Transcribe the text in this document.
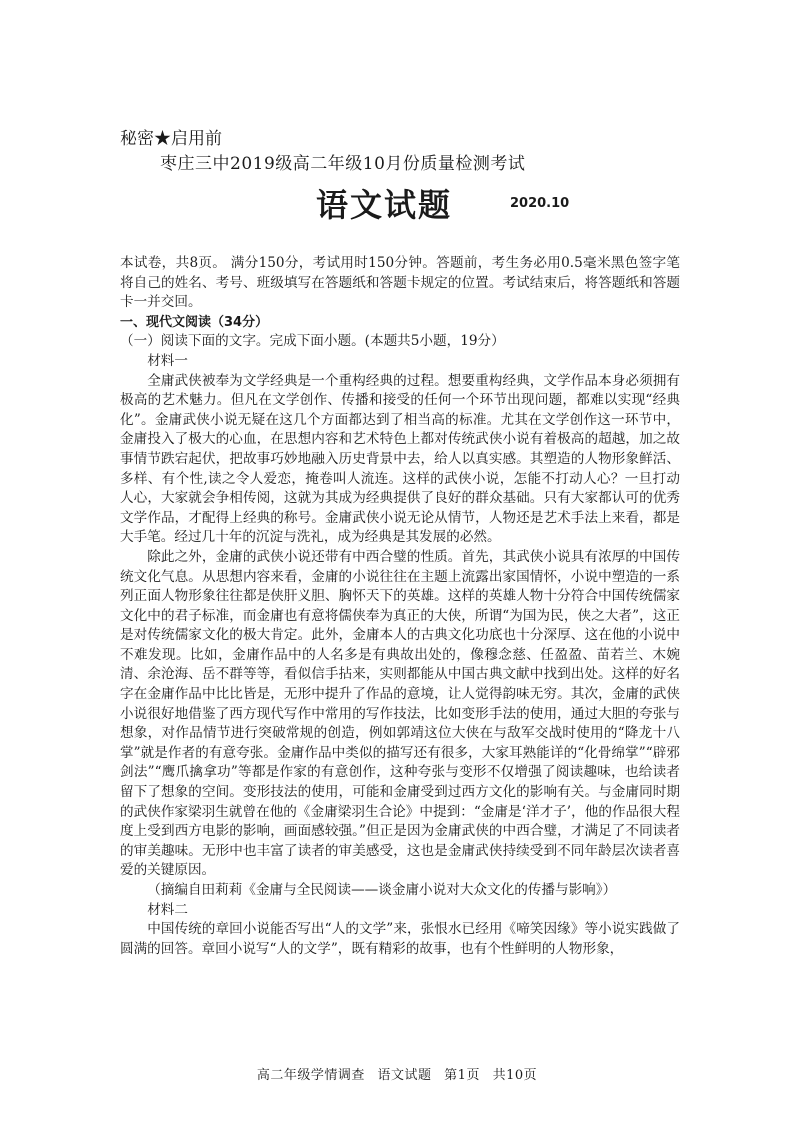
秘密★启用前
枣庄三中2019级高二年级10月份质量检测考试
语文试题	2020.10

本试卷，共8页。 满分150分，考试用时150分钟。答题前，考生务必用0.5毫米黑色签字笔将自己的姓名、考号、班级填写在答题纸和答题卡规定的位置。考试结束后，将答题纸和答题卡一并交回。

一、现代文阅读（34分）

（一）阅读下面的文字。完成下面小题。(本题共5小题，19分）

材料一

全庸武侠被奉为文学经典是一个重构经典的过程。想要重构经典，文学作品本身必须拥有极高的艺术魅力。但凡在文学创作、传播和接受的任何一个环节出现问题，都难以实现“经典化”。金庸武侠小说无疑在这几个方面都达到了相当高的标准。尤其在文学创作这一环节中，金庸投入了极大的心血，在思想内容和艺术特色上都对传统武侠小说有着极高的超越，加之故事情节跌宕起伏，把故事巧妙地融入历史背景中去，给人以真实感。其塑造的人物形象鲜活、多样、有个性,读之令人爱恋，掩卷叫人流连。这样的武侠小说，怎能不打动人心？一旦打动人心，大家就会争相传阅，这就为其成为经典提供了良好的群众基础。只有大家都认可的优秀文学作品，才配得上经典的称号。金庸武侠小说无论从情节，人物还是艺术手法上来看，都是大手笔。经过几十年的沉淀与洗礼，成为经典是其发展的必然。

除此之外，金庸的武侠小说还带有中西合璧的性质。首先，其武侠小说具有浓厚的中国传统文化气息。从思想内容来看，金庸的小说往往在主题上流露出家国情怀，小说中塑造的一系列正面人物形象往往都是侠肝义胆、胸怀天下的英雄。这样的英雄人物十分符合中国传统儒家文化中的君子标准，而金庸也有意将儒侠奉为真正的大侠，所谓“为国为民，侠之大者”，这正是对传统儒家文化的极大肯定。此外，金庸本人的古典文化功底也十分深厚、这在他的小说中不难发现。比如，金庸作品中的人名多是有典故出处的，像穆念慈、任盈盈、苗若兰、木婉清、余沧海、岳不群等等，看似信手拈来，实则都能从中国古典文献中找到出处。这样的好名字在金庸作品中比比皆是，无形中提升了作品的意境，让人觉得韵味无穷。其次，金庸的武侠小说很好地借鉴了西方现代写作中常用的写作技法，比如变形手法的使用，通过大胆的夸张与想象，对作品情节进行突破常规的创造，例如郭靖这位大侠在与敌军交战时使用的“降龙十八掌”就是作者的有意夸张。金庸作品中类似的描写还有很多，大家耳熟能详的“化骨绵掌”“辟邪剑法”“鹰爪擒拿功”等都是作家的有意创作，这种夸张与变形不仅增强了阅读趣味，也给读者留下了想象的空间。变形技法的使用，可能和金庸受到过西方文化的影响有关。与金庸同时期的武侠作家梁羽生就曾在他的《金庸梁羽生合论》中提到：“金庸是‘洋才子’，他的作品很大程度上受到西方电影的影响，画面感较强。”但正是因为金庸武侠的中西合璧，才满足了不同读者的审美趣味。无形中也丰富了读者的审美感受，这也是金庸武侠持续受到不同年龄层次读者喜爱的关键原因。

（摘编自田莉莉《金庸与全民阅读——谈金庸小说对大众文化的传播与影响》）

材料二

中国传统的章回小说能否写出“人的文学”来，张恨水已经用《啼笑因缘》等小说实践做了圆满的回答。章回小说写“人的文学”，既有精彩的故事，也有个性鲜明的人物形象，

高二年级学情调查 语文试题 第1页 共10页
